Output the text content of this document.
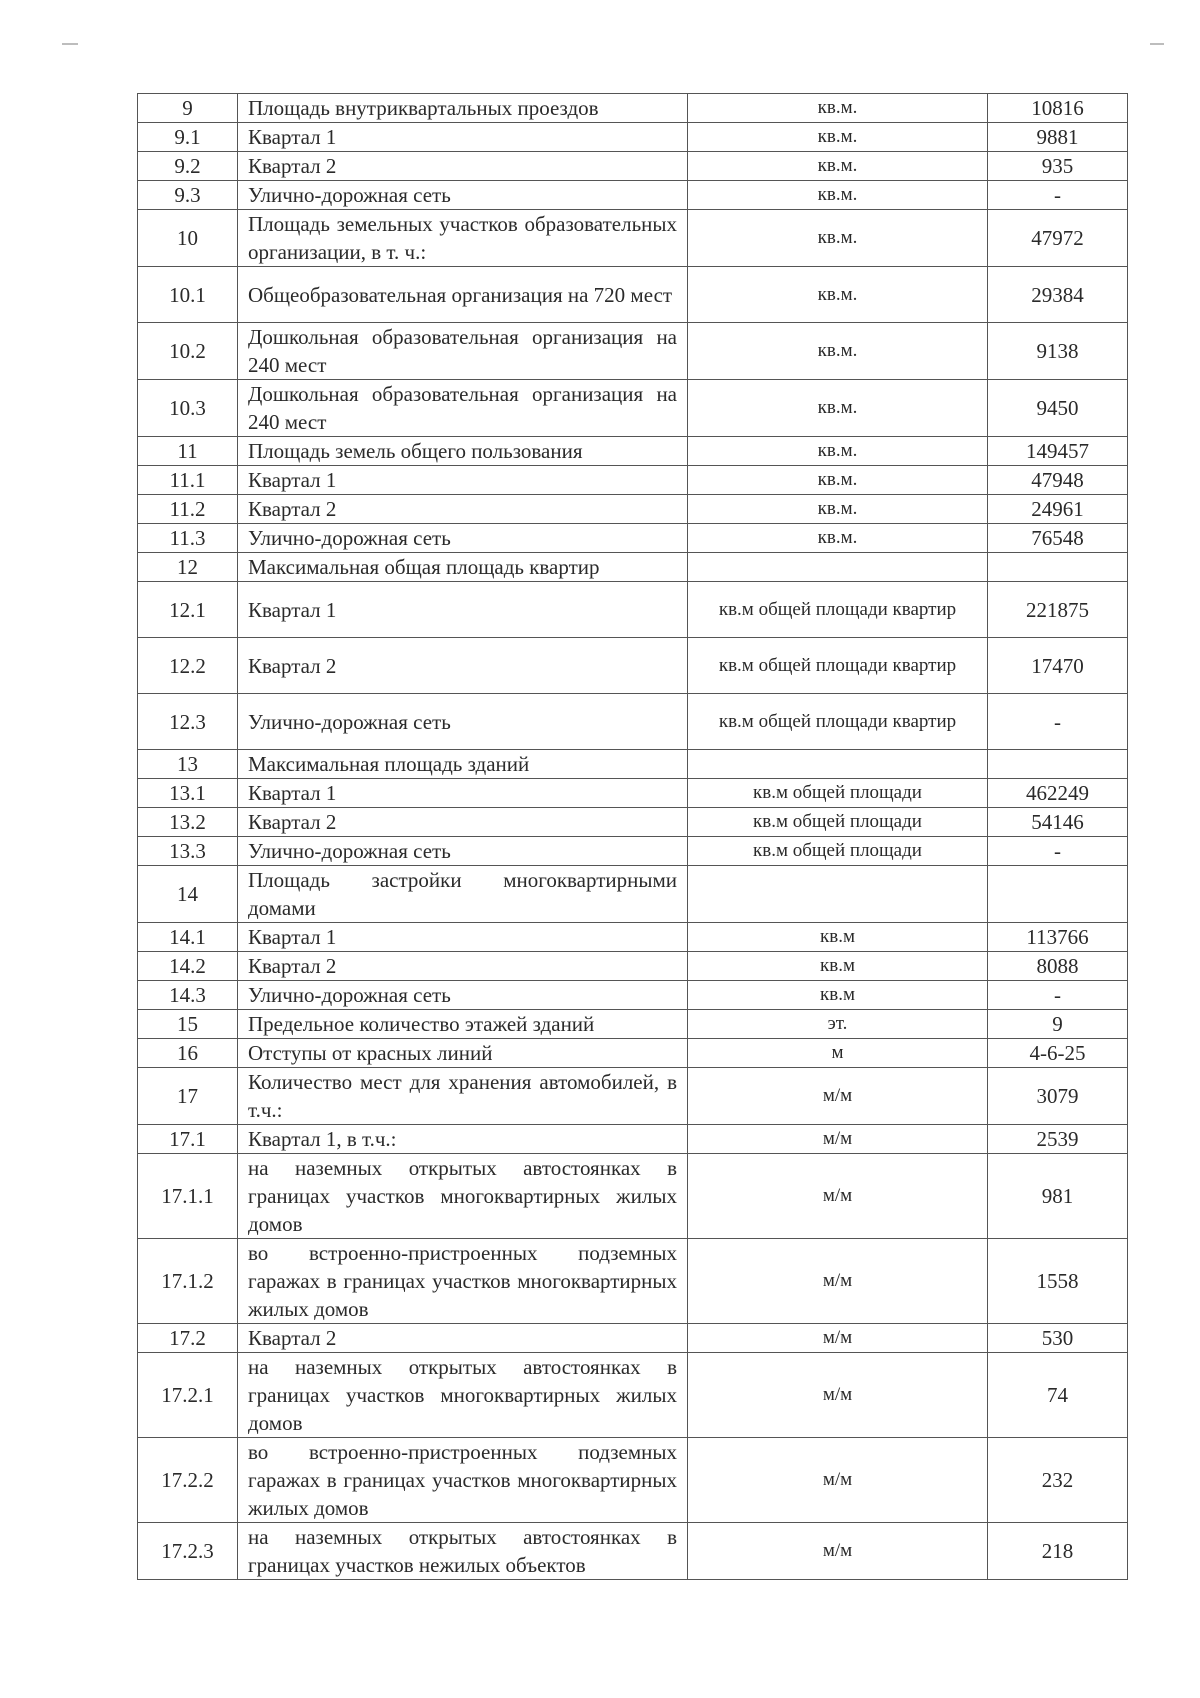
9	Площадь внутриквартальных проездов	кв.м.	10816
9.1	Квартал 1	кв.м.	9881
9.2	Квартал 2	кв.м.	935
9.3	Улично-дорожная сеть	кв.м.	-
10	Площадь земельных участков образовательных организации, в т. ч.:	кв.м.	47972
10.1	Общеобразовательная организация на 720 мест	кв.м.	29384
10.2	Дошкольная образовательная организация на 240 мест	кв.м.	9138
10.3	Дошкольная образовательная организация на 240 мест	кв.м.	9450
11	Площадь земель общего пользования	кв.м.	149457
11.1	Квартал 1	кв.м.	47948
11.2	Квартал 2	кв.м.	24961
11.3	Улично-дорожная сеть	кв.м.	76548
12	Максимальная общая площадь квартир		
12.1	Квартал 1	кв.м общей площади квартир	221875
12.2	Квартал 2	кв.м общей площади квартир	17470
12.3	Улично-дорожная сеть	кв.м общей площади квартир	-
13	Максимальная площадь зданий		
13.1	Квартал 1	кв.м общей площади	462249
13.2	Квартал 2	кв.м общей площади	54146
13.3	Улично-дорожная сеть	кв.м общей площади	-
14	Площадь застройки многоквартирными домами		
14.1	Квартал 1	кв.м	113766
14.2	Квартал 2	кв.м	8088
14.3	Улично-дорожная сеть	кв.м	-
15	Предельное количество этажей зданий	эт.	9
16	Отступы от красных линий	м	4-6-25
17	Количество мест для хранения автомобилей, в т.ч.:	м/м	3079
17.1	Квартал 1, в т.ч.:	м/м	2539
17.1.1	на наземных открытых автостоянках в границах участков многоквартирных жилых домов	м/м	981
17.1.2	во встроенно-пристроенных подземных гаражах в границах участков многоквартирных жилых домов	м/м	1558
17.2	Квартал 2	м/м	530
17.2.1	на наземных открытых автостоянках в границах участков многоквартирных жилых домов	м/м	74
17.2.2	во встроенно-пристроенных подземных гаражах в границах участков многоквартирных жилых домов	м/м	232
17.2.3	на наземных открытых автостоянках в границах участков нежилых объектов	м/м	218
